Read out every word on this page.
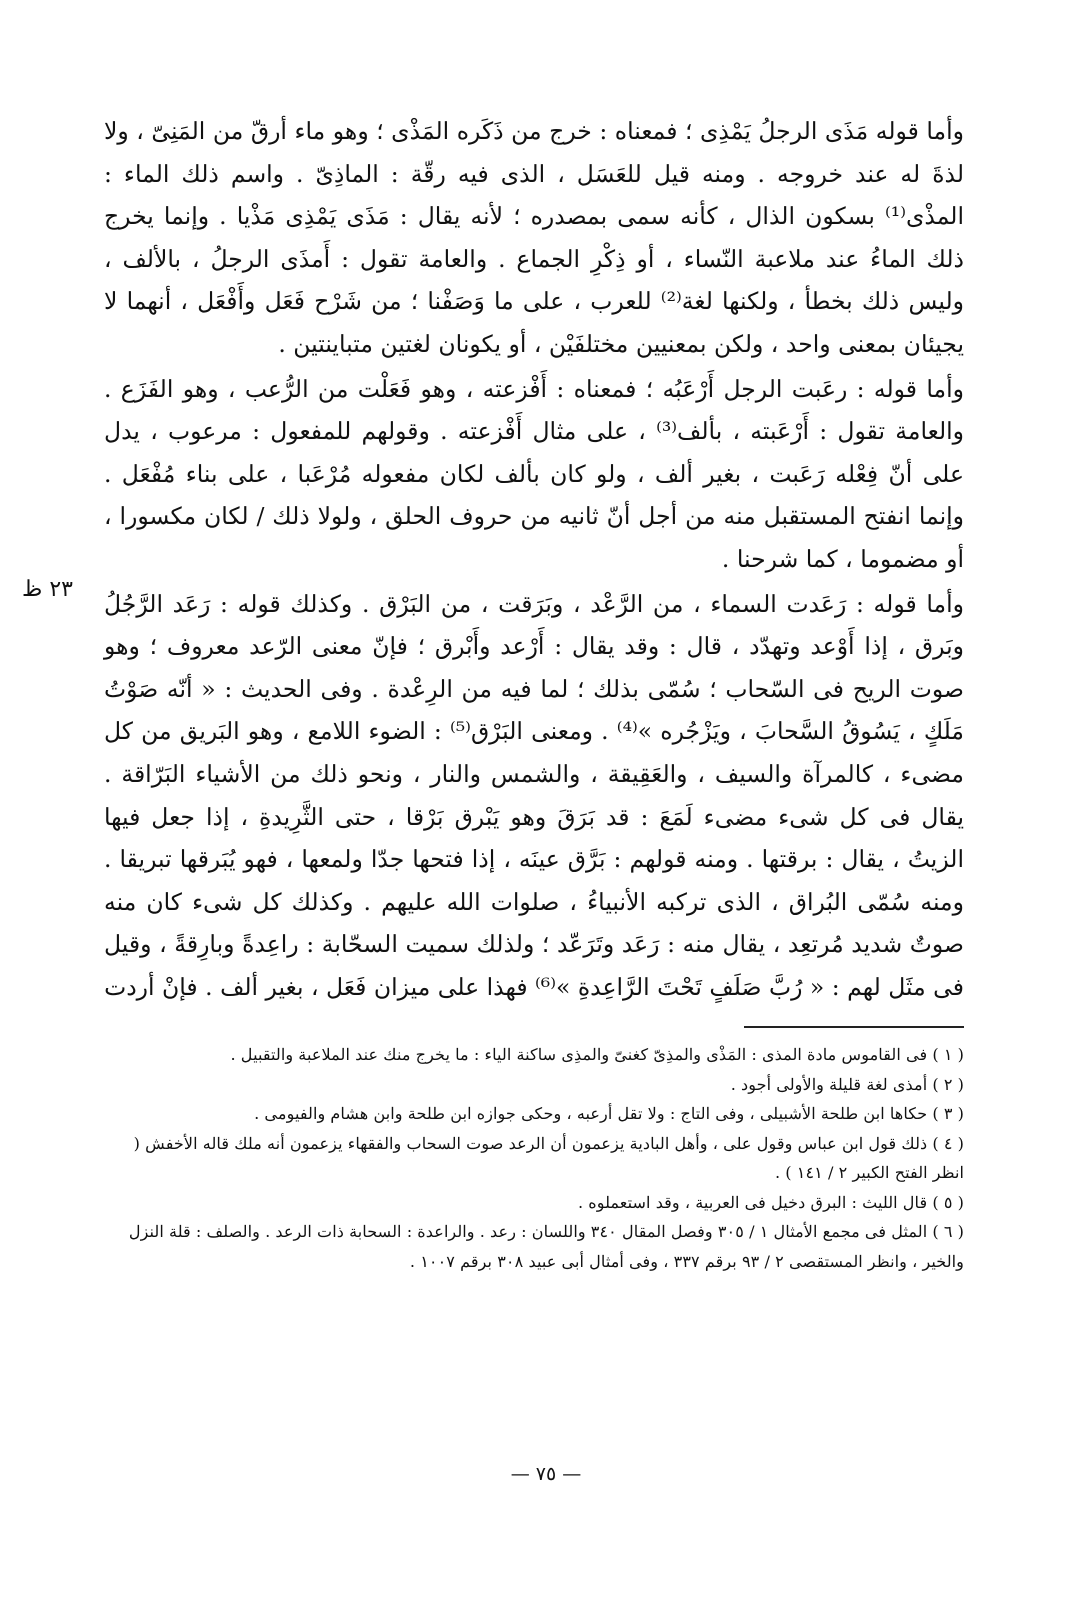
٢٣ ظ

وأما قوله مَذَى الرجلُ يَمْذِى ؛ فمعناه : خرج من ذَكَره المَذْى ؛ وهو ماء أرقّ من المَنِىّ ، ولا لذةَ له عند خروجه . ومنه قيل للعَسَل ، الذى فيه رقّة : الماذِىّ . واسم ذلك الماء : المذْى⁽¹⁾ بسكون الذال ، كأنه سمى بمصدره ؛ لأنه يقال : مَذَى يَمْذِى مَذْيا . وإنما يخرج ذلك الماءُ عند ملاعبة النّساء ، أو ذِكْرِ الجماع . والعامة تقول : أَمذَى الرجلُ ، بالألف ، وليس ذلك بخطأ ، ولكنها لغة⁽²⁾ للعرب ، على ما وَصَفْنا ؛ من شَرْح فَعَل وأَفْعَل ، أنهما لا يجيئان بمعنى واحد ، ولكن بمعنيين مختلفَيْن ، أو يكونان لغتين متباينتين .

وأما قوله : رعَبت الرجل أَرْعَبُه ؛ فمعناه : أَفْزعته ، وهو فَعَلْت من الرُّعب ، وهو الفَزَع . والعامة تقول : أَرْعَبته ، بألف⁽³⁾ ، على مثال أَفْزعته . وقولهم للمفعول : مرعوب ، يدل على أنّ فِعْله رَعَبت ، بغير ألف ، ولو كان بألف لكان مفعوله مُرْعَبا ، على بناء مُفْعَل . وإنما انفتح المستقبل منه من أجل أنّ ثانيه من حروف الحلق ، ولولا ذلك / لكان مكسورا ، أو مضموما ، كما شرحنا .

وأما قوله : رَعَدت السماء ، من الرَّعْد ، وبَرَقت ، من البَرْق . وكذلك قوله : رَعَد الرَّجُلُ وبَرق ، إذا أَوْعد وتهدّد ، قال : وقد يقال : أَرْعد وأَبْرق ؛ فإنّ معنى الرّعد معروف ؛ وهو صوت الريح فى السّحاب ؛ سُمّى بذلك ؛ لما فيه من الرِعْدة . وفى الحديث : « أنّه صَوْتُ مَلَكٍ ، يَسُوقُ السَّحابَ ، ويَزْجُره »⁽⁴⁾ . ومعنى البَرْق⁽⁵⁾ : الضوء اللامع ، وهو البَريق من كل مضىء ، كالمرآة والسيف ، والعَقِيقة ، والشمس والنار ، ونحو ذلك من الأشياء البَرّاقة . يقال فى كل شىء مضىء لَمَعَ : قد بَرَقَ وهو يَبْرق بَرْقا ، حتى الثَّرِيدةِ ، إذا جعل فيها الزيتُ ، يقال : برقتها . ومنه قولهم : بَرَّق عينَه ، إذا فتحها جدّا ولمعها ، فهو يُبَرقها تبريقا . ومنه سُمّى البُراق ، الذى تركبه الأنبياءُ ، صلوات الله عليهم . وكذلك كل شىء كان منه صوتٌ شديد مُرتعِد ، يقال منه : رَعَد وتَرَعّد ؛ ولذلك سميت السحّابة : راعِدةً وبارِقةً ، وقيل فى مثَل لهم : « رُبَّ صَلَفٍ تَحْتَ الرَّاعِدةِ »⁽⁶⁾ فهذا على ميزان فَعَل ، بغير ألف . فإنْ أردت

( ١ ) فى القاموس مادة المذى : المَذْى والمذِىّ كغنىّ والمذِى ساكنة الياء : ما يخرج منك عند الملاعبة والتقبيل .

( ٢ ) أمذى لغة قليلة والأولى أجود .

( ٣ ) حكاها ابن طلحة الأشبيلى ، وفى التاج : ولا تقل أرعبه ، وحكى جوازه ابن طلحة وابن هشام والفيومى .

( ٤ ) ذلك قول ابن عباس وقول على ، وأهل البادية يزعمون أن الرعد صوت السحاب والفقهاء يزعمون أنه ملك قاله الأخفش ( انظر الفتح الكبير ٢ / ١٤١ ) .

( ٥ ) قال الليث : البرق دخيل فى العربية ، وقد استعملوه .

( ٦ ) المثل فى مجمع الأمثال ١ / ٣٠٥ وفصل المقال ٣٤٠ واللسان : رعد . والراعدة : السحابة ذات الرعد . والصلف : قلة النزل والخير ، وانظر المستقصى ٢ / ٩٣ برقم ٣٣٧ ، وفى أمثال أبى عبيد ٣٠٨ برقم ١٠٠٧ .

— ٧٥ —
